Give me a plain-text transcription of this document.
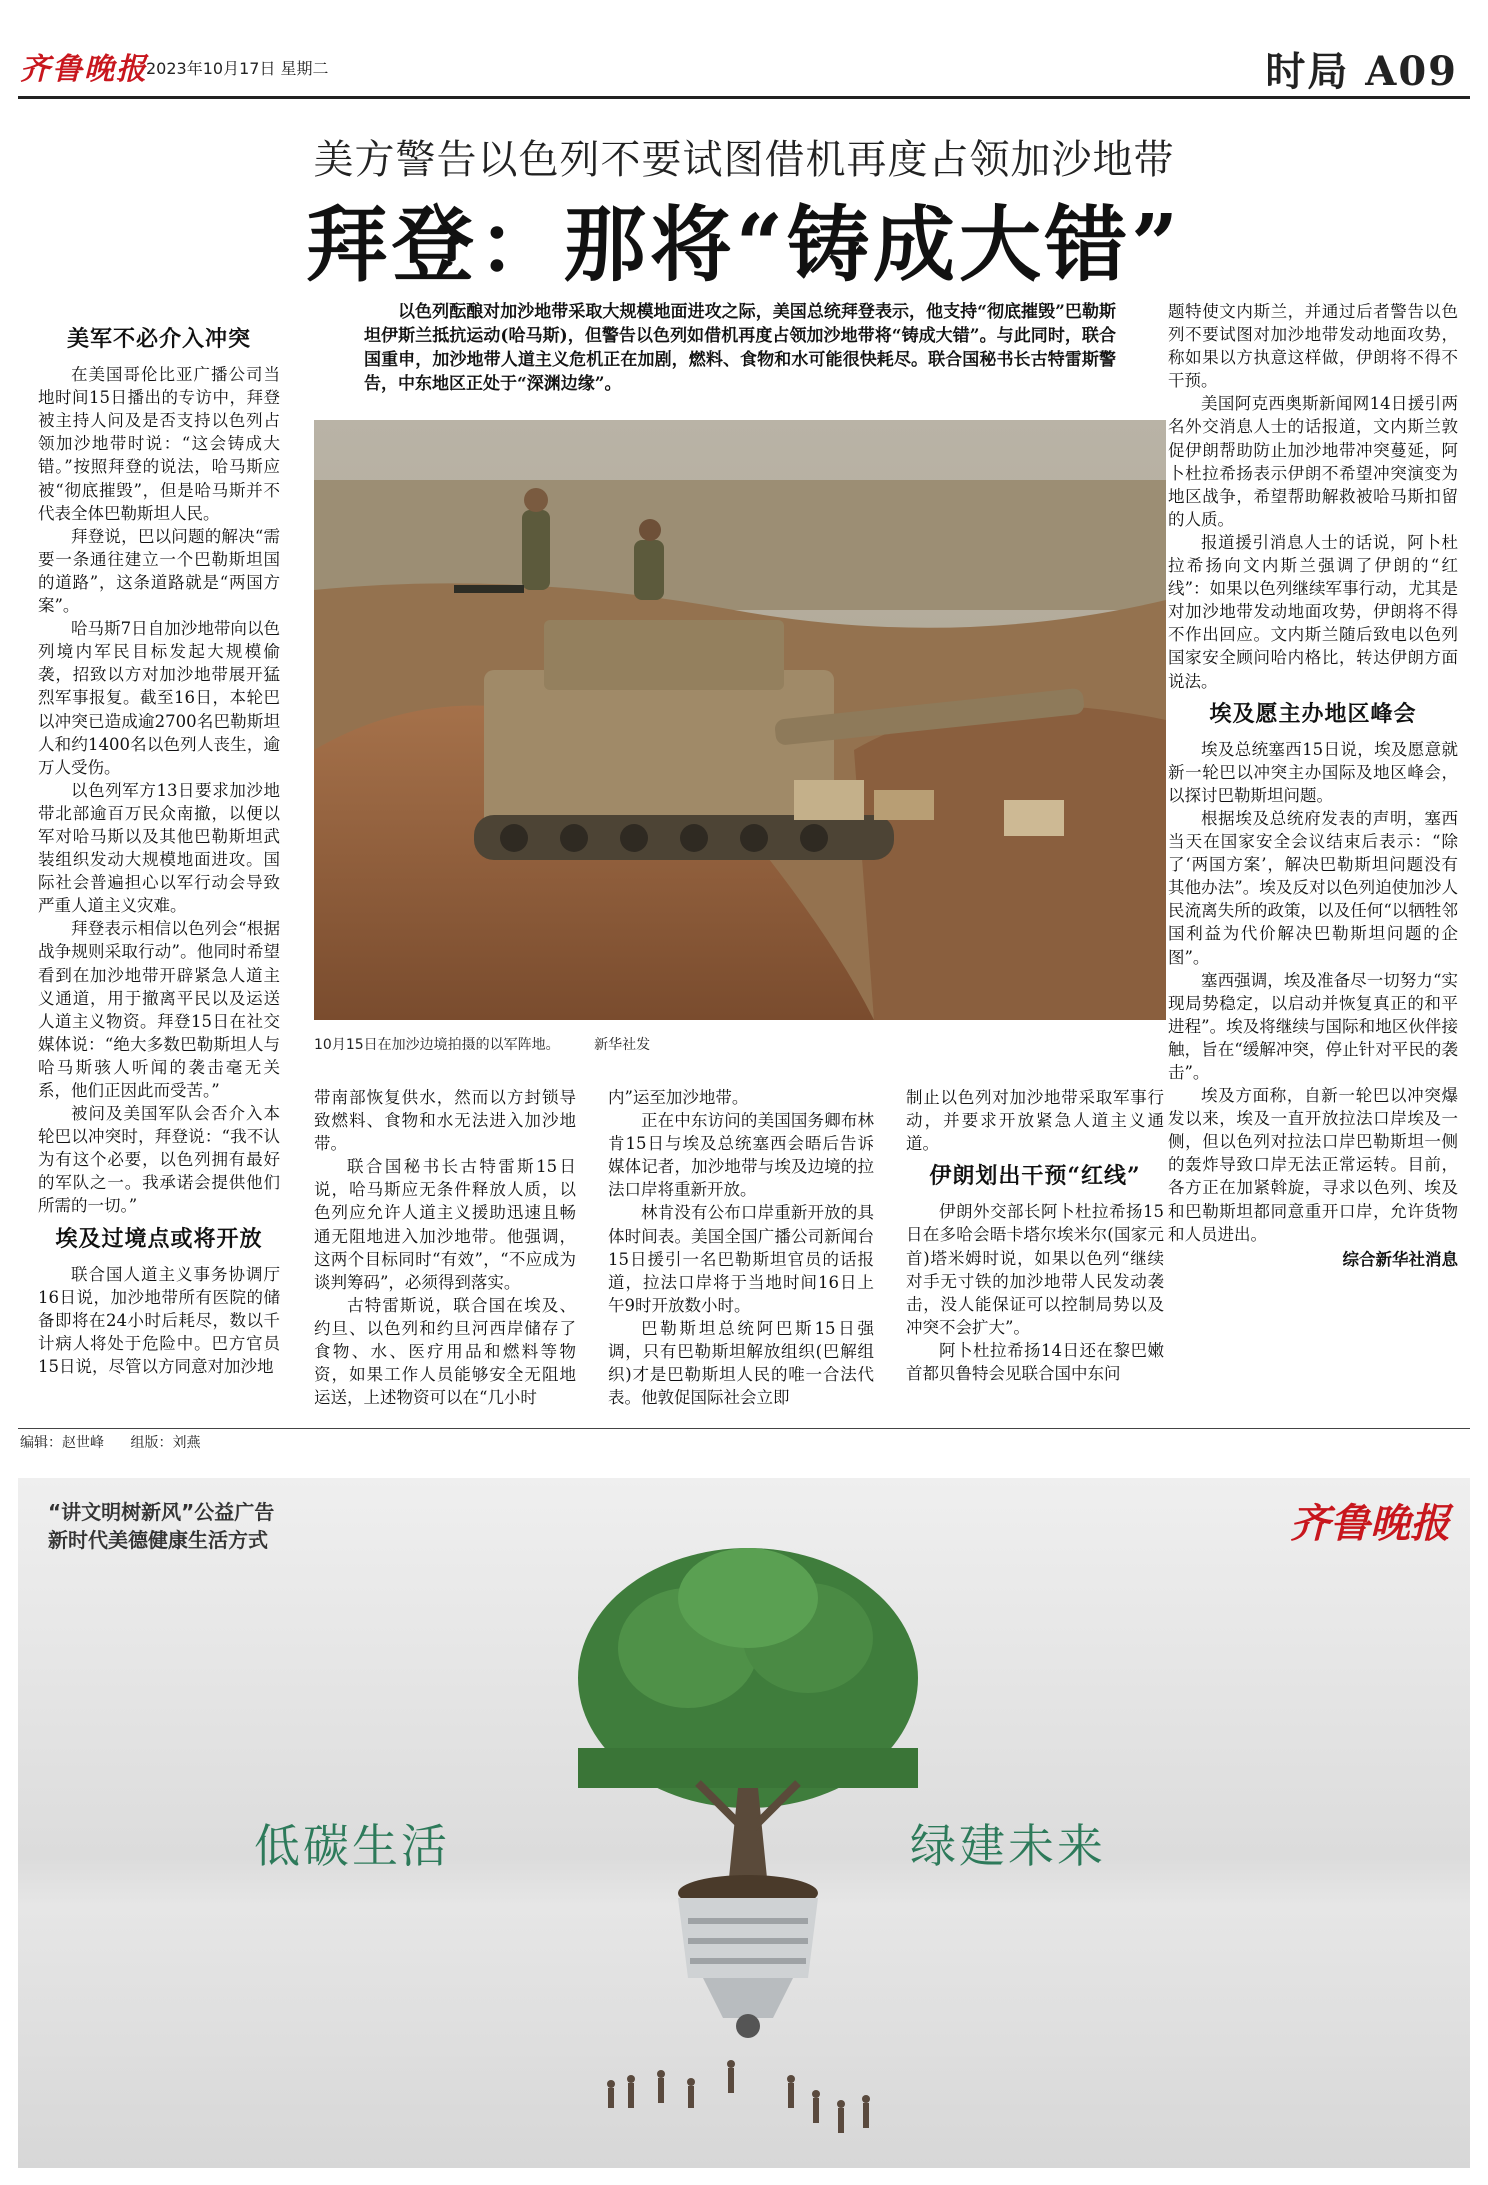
齐鲁晚报
2023年10月17日 星期二	时局 A09
美方警告以色列不要试图借机再度占领加沙地带
拜登：那将“铸成大错”
以色列酝酿对加沙地带采取大规模地面进攻之际，美国总统拜登表示，他支持“彻底摧毁”巴勒斯坦伊斯兰抵抗运动(哈马斯)，但警告以色列如借机再度占领加沙地带将“铸成大错”。与此同时，联合国重申，加沙地带人道主义危机正在加剧，燃料、食物和水可能很快耗尽。联合国秘书长古特雷斯警告，中东地区正处于“深渊边缘”。
美军不必介入冲突

在美国哥伦比亚广播公司当地时间15日播出的专访中，拜登被主持人问及是否支持以色列占领加沙地带时说：“这会铸成大错。”按照拜登的说法，哈马斯应被“彻底摧毁”，但是哈马斯并不代表全体巴勒斯坦人民。

拜登说，巴以问题的解决“需要一条通往建立一个巴勒斯坦国的道路”，这条道路就是“两国方案”。

哈马斯7日自加沙地带向以色列境内军民目标发起大规模偷袭，招致以方对加沙地带展开猛烈军事报复。截至16日，本轮巴以冲突已造成逾2700名巴勒斯坦人和约1400名以色列人丧生，逾万人受伤。

以色列军方13日要求加沙地带北部逾百万民众南撤，以便以军对哈马斯以及其他巴勒斯坦武装组织发动大规模地面进攻。国际社会普遍担心以军行动会导致严重人道主义灾难。

拜登表示相信以色列会“根据战争规则采取行动”。他同时希望看到在加沙地带开辟紧急人道主义通道，用于撤离平民以及运送人道主义物资。拜登15日在社交媒体说：“绝大多数巴勒斯坦人与哈马斯骇人听闻的袭击毫无关系，他们正因此而受苦。”

被问及美国军队会否介入本轮巴以冲突时，拜登说：“我不认为有这个必要，以色列拥有最好的军队之一。我承诺会提供他们所需的一切。”

埃及过境点或将开放

联合国人道主义事务协调厅16日说，加沙地带所有医院的储备即将在24小时后耗尽，数以千计病人将处于危险中。巴方官员15日说，尽管以方同意对加沙地

10月15日在加沙边境拍摄的以军阵地。 新华社发

带南部恢复供水，然而以方封锁导致燃料、食物和水无法进入加沙地带。

联合国秘书长古特雷斯15日说，哈马斯应无条件释放人质，以色列应允许人道主义援助迅速且畅通无阻地进入加沙地带。他强调，这两个目标同时“有效”，“不应成为谈判筹码”，必须得到落实。

古特雷斯说，联合国在埃及、约旦、以色列和约旦河西岸储存了食物、水、医疗用品和燃料等物资，如果工作人员能够安全无阻地运送，上述物资可以在“几小时

内”运至加沙地带。

正在中东访问的美国国务卿布林肯15日与埃及总统塞西会晤后告诉媒体记者，加沙地带与埃及边境的拉法口岸将重新开放。

林肯没有公布口岸重新开放的具体时间表。美国全国广播公司新闻台15日援引一名巴勒斯坦官员的话报道，拉法口岸将于当地时间16日上午9时开放数小时。

巴勒斯坦总统阿巴斯15日强调，只有巴勒斯坦解放组织(巴解组织)才是巴勒斯坦人民的唯一合法代表。他敦促国际社会立即

制止以色列对加沙地带采取军事行动，并要求开放紧急人道主义通道。

伊朗划出干预“红线”

伊朗外交部长阿卜杜拉希扬15日在多哈会晤卡塔尔埃米尔(国家元首)塔米姆时说，如果以色列“继续对手无寸铁的加沙地带人民发动袭击，没人能保证可以控制局势以及冲突不会扩大”。

阿卜杜拉希扬14日还在黎巴嫩首都贝鲁特会见联合国中东问

题特使文内斯兰，并通过后者警告以色列不要试图对加沙地带发动地面攻势，称如果以方执意这样做，伊朗将不得不干预。

美国阿克西奥斯新闻网14日援引两名外交消息人士的话报道，文内斯兰敦促伊朗帮助防止加沙地带冲突蔓延，阿卜杜拉希扬表示伊朗不希望冲突演变为地区战争，希望帮助解救被哈马斯扣留的人质。

报道援引消息人士的话说，阿卜杜拉希扬向文内斯兰强调了伊朗的“红线”：如果以色列继续军事行动，尤其是对加沙地带发动地面攻势，伊朗将不得不作出回应。文内斯兰随后致电以色列国家安全顾问哈内格比，转达伊朗方面说法。

埃及愿主办地区峰会

埃及总统塞西15日说，埃及愿意就新一轮巴以冲突主办国际及地区峰会，以探讨巴勒斯坦问题。

根据埃及总统府发表的声明，塞西当天在国家安全会议结束后表示：“除了‘两国方案’，解决巴勒斯坦问题没有其他办法”。埃及反对以色列迫使加沙人民流离失所的政策，以及任何“以牺牲邻国利益为代价解决巴勒斯坦问题的企图”。

塞西强调，埃及准备尽一切努力“实现局势稳定，以启动并恢复真正的和平进程”。埃及将继续与国际和地区伙伴接触，旨在“缓解冲突，停止针对平民的袭击”。

埃及方面称，自新一轮巴以冲突爆发以来，埃及一直开放拉法口岸埃及一侧，但以色列对拉法口岸巴勒斯坦一侧的轰炸导致口岸无法正常运转。目前，各方正在加紧斡旋，寻求以色列、埃及和巴勒斯坦都同意重开口岸，允许货物和人员进出。

综合新华社消息

编辑：赵世峰 组版：刘燕
“讲文明树新风”公益广告
新时代美德健康生活方式	齐鲁晚报
低碳生活	绿建未来
